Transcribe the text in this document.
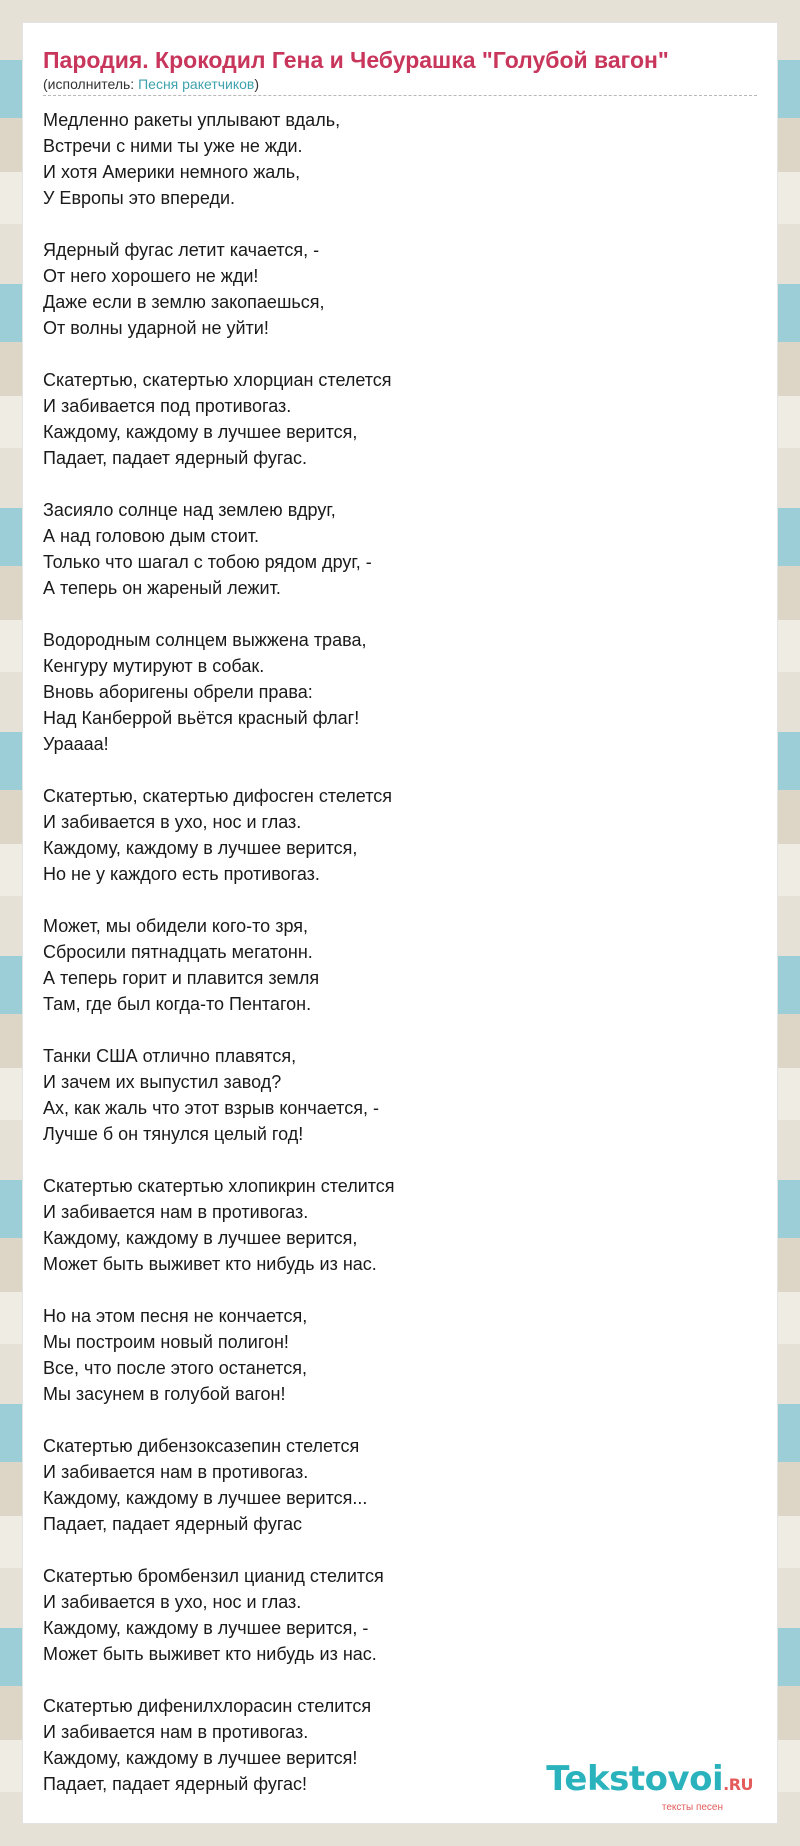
Пародия. Крокодил Гена и Чебурашка "Голубой вагон"
(исполнитель: Песня ракетчиков)
Медленно ракеты уплывают вдаль,
Встречи с ними ты уже не жди.
И хотя Америки немного жаль,
У Европы это впереди.
Ядерный фугас летит качается, -
От него хорошего не жди!
Даже если в землю закопаешься,
От волны ударной не уйти!
Скатертью, скатертью хлорциан стелется
И забивается под противогаз.
Каждому, каждому в лучшее верится,
Падает, падает ядерный фугас.
Засияло солнце над землею вдруг,
А над головою дым стоит.
Только что шагал с тобою рядом друг, -
А теперь он жареный лежит.
Водородным солнцем выжжена трава,
Кенгуру мутируют в собак.
Вновь аборигены обрели права:
Над Канберрой вьётся красный флаг!
Ураааа!
Скатертью, скатертью дифосген стелется
И забивается в ухо, нос и глаз.
Каждому, каждому в лучшее верится,
Но не у каждого есть противогаз.
Может, мы обидели кого-то зря,
Сбросили пятнадцать мегатонн.
А теперь горит и плавится земля
Там, где был когда-то Пентагон.
Танки США отлично плавятся,
И зачем их выпустил завод?
Ах, как жаль что этот взрыв кончается, -
Лучше б он тянулся целый год!
Скатертью скатертью хлопикрин стелится
И забивается нам в противогаз.
Каждому, каждому в лучшее верится,
Может быть выживет кто нибудь из нас.
Но на этом песня не кончается,
Мы построим новый полигон!
Все, что после этого останется,
Мы засунем в голубой вагон!
Скатертью дибензоксазепин стелется
И забивается нам в противогаз.
Каждому, каждому в лучшее верится...
Падает, падает ядерный фугас
Скатертью бромбензил цианид стелится
И забивается в ухо, нос и глаз.
Каждому, каждому в лучшее верится, -
Может быть выживет кто нибудь из нас.
Скатертью дифенилхлорасин стелится
И забивается нам в противогаз.
Каждому, каждому в лучшее верится!
Падает, падает ядерный фугас!	Tekstovoi.RU
тексты песен
